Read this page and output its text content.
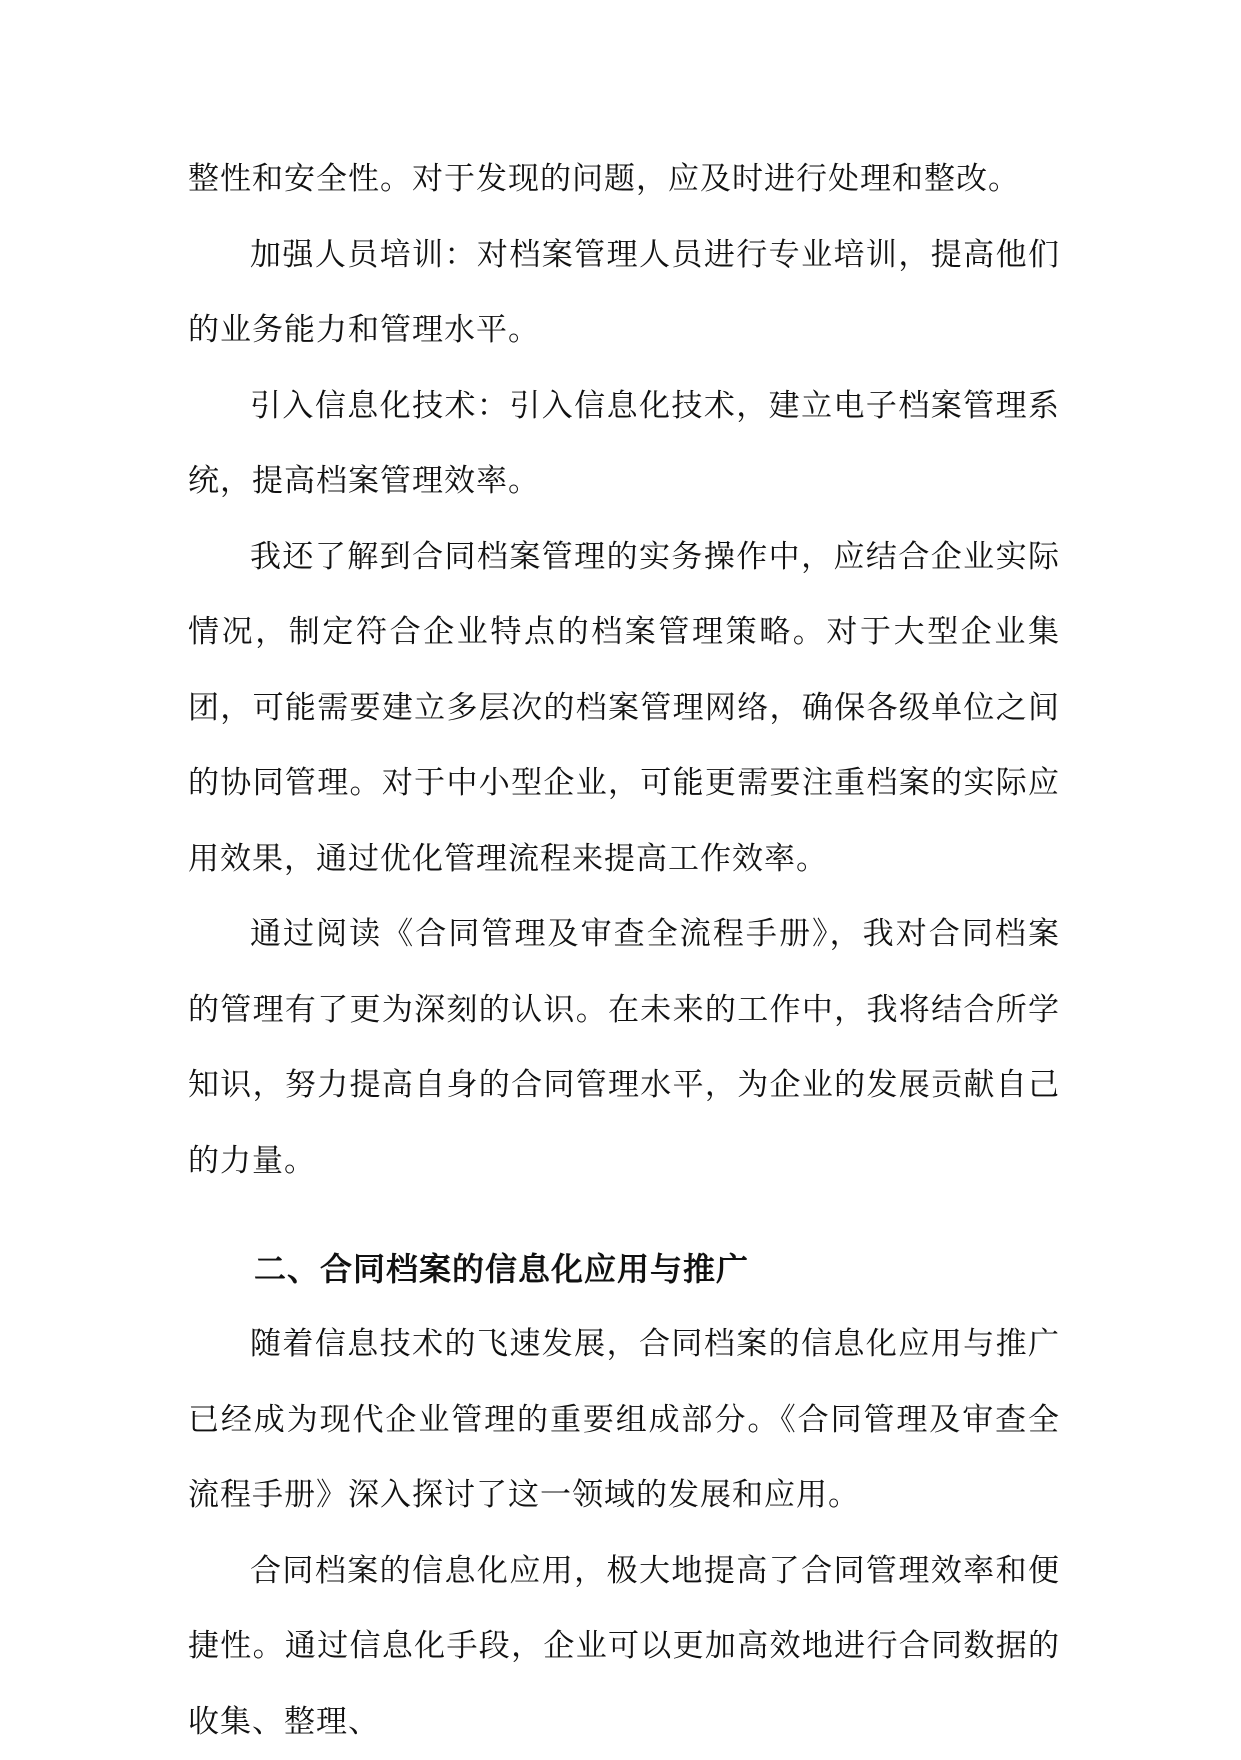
整性和安全性。对于发现的问题，应及时进行处理和整改。

加强人员培训：对档案管理人员进行专业培训，提高他们的业务能力和管理水平。

引入信息化技术：引入信息化技术，建立电子档案管理系统，提高档案管理效率。

我还了解到合同档案管理的实务操作中，应结合企业实际情况，制定符合企业特点的档案管理策略。对于大型企业集团，可能需要建立多层次的档案管理网络，确保各级单位之间的协同管理。对于中小型企业，可能更需要注重档案的实际应用效果，通过优化管理流程来提高工作效率。

通过阅读《合同管理及审查全流程手册》，我对合同档案的管理有了更为深刻的认识。在未来的工作中，我将结合所学知识，努力提高自身的合同管理水平，为企业的发展贡献自己的力量。

二、合同档案的信息化应用与推广

随着信息技术的飞速发展，合同档案的信息化应用与推广已经成为现代企业管理的重要组成部分。《合同管理及审查全流程手册》深入探讨了这一领域的发展和应用。

合同档案的信息化应用，极大地提高了合同管理效率和便捷性。通过信息化手段，企业可以更加高效地进行合同数据的收集、整理、
